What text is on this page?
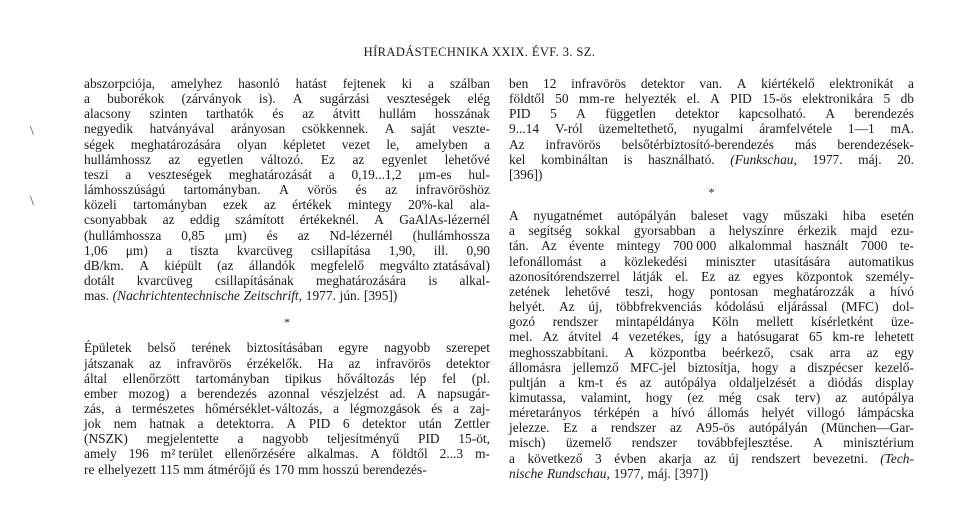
HÍRADÁSTECHNIKA XXIX. ÉVF. 3. SZ.
abszorpciója, amelyhez hasonló hatást fejtenek ki a szálban
a buborékok (zárványok is). A sugárzási veszteségek elég
alacsony szinten tarthatók és az átvitt hullám hosszának
negyedik hatványával arányosan csökkennek. A saját veszte-
ségek meghatározására olyan képletet vezet le, amelyben a
hullámhossz az egyetlen változó. Ez az egyenlet lehetővé
teszi a veszteségek meghatározását a 0,19...1,2 μm-es hul-
lámhosszúságú tartományban. A vörös és az infravöröshöz
közeli tartományban ezek az értékek mintegy 20%-kal ala-
csonyabbak az eddig számított értékeknél. A GaAlAs-lézernél
(hullámhossza 0,85 μm) és az Nd-lézernél (hullámhossza
1,06 μm) a tiszta kvarcüveg csillapítása 1,90, ill. 0,90
dB/km. A kiépült (az állandók megfelelő megválto ztatásával)
dotált kvarcüveg csillapításának meghatározására is alkal-
mas. (Nachrichtentechnische Zeitschrift, 1977. jún. [395])
*
Épületek belső terének biztosításában egyre nagyobb szerepet
játszanak az infravörös érzékelők. Ha az infravörös detektor
által ellenőrzött tartományban tipikus hőváltozás lép fel (pl.
ember mozog) a berendezés azonnal vészjelzést ad. A napsugár-
zás, a természetes hőmérséklet-változás, a légmozgások és a zaj-
jok nem hatnak a detektorra. A PID 6 detektor után Zettler
(NSZK) megjelentette a nagyobb teljesítményű PID 15-öt,
amely 196 m² terület ellenőrzésére alkalmas. A földtől 2...3 m-
re elhelyezett 115 mm átmérőjű és 170 mm hosszú berendezés-
ben 12 infravörös detektor van. A kiértékelő elektronikát a
földtől 50 mm-re helyezték el. A PID 15-ös elektronikára 5 db
PID 5 A független detektor kapcsolható. A berendezés
9...14 V-ról üzemeltethető, nyugalmi áramfelvétele 1—1 mA.
Az infravörös belsőtérbiztosító-berendezés más berendezések-
kel kombináltan is használható. (Funkschau, 1977. máj. 20.
[396])
*
A nyugatnémet autópályán baleset vagy műszaki hiba esetén
a segítség sokkal gyorsabban a helyszínre érkezik majd ezu-
tán. Az évente mintegy 700 000 alkalommal használt 7000 te-
lefonállomást a közlekedési miniszter utasítására automatikus
azonosítórendszerrel látják el. Ez az egyes központok személy-
zetének lehetővé teszi, hogy pontosan meghatározzák a hívó
helyét. Az új, többfrekvenciás kódolású eljárással (MFC) dol-
gozó rendszer mintapéldánya Köln mellett kísérletként üze-
mel. Az átvitel 4 vezetékes, így a hatósugarat 65 km-re lehetett
meghosszabbítani. A központba beérkező, csak arra az egy
állomásra jellemző MFC-jel biztosítja, hogy a diszpécser kezelő-
pultján a km-t és az autópálya oldaljelzését a diódás display
kimutassa, valamint, hogy (ez még csak terv) az autópálya
méretarányos térképén a hívó állomás helyét villogó lámpácska
jelezze. Ez a rendszer az A95-ös autópályán (München—Gar-
misch) üzemelő rendszer továbbfejlesztése. A minisztérium
a következő 3 évben akarja az új rendszert bevezetni. (Tech-
nische Rundschau, 1977, máj. [397])
\
\
